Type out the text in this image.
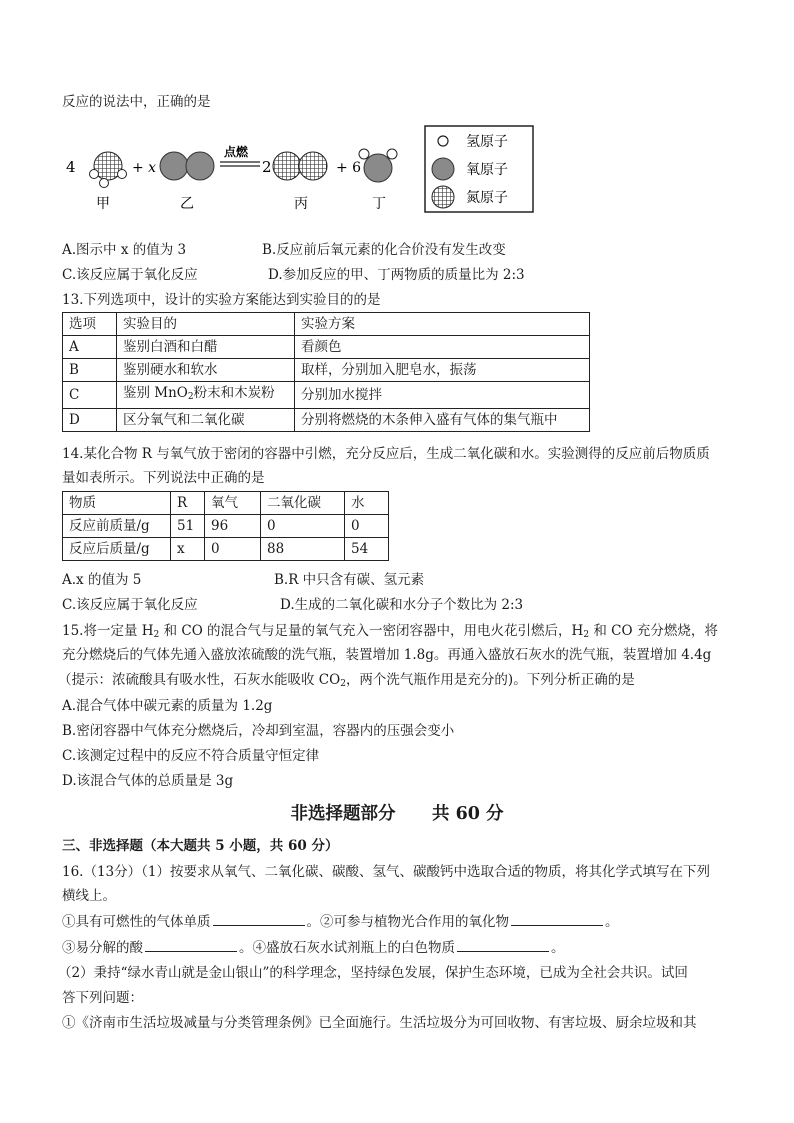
反应的说法中，正确的是
4	+ x
点燃
2	+ 6
甲	乙	丙	丁
氢原子
氧原子
氮原子
A.图示中 x 的值为 3	B.反应前后氧元素的化合价没有发生改变
C.该反应属于氧化反应	D.参加反应的甲、丁两物质的质量比为 2:3
13.下列选项中，设计的实验方案能达到实验目的的是
选项	实验目的	实验方案
A	鉴别白酒和白醋	看颜色
B	鉴别硬水和软水	取样，分别加入肥皂水，振荡
C	鉴别 MnO$_2$粉末和木炭粉	分别加水搅拌
D	区分氧气和二氧化碳	分别将燃烧的木条伸入盛有气体的集气瓶中
14.某化合物 R 与氧气放于密闭的容器中引燃，充分反应后，生成二氧化碳和水。实验测得的反应前后物质质
量如表所示。下列说法中正确的是
物质	R	氧气	二氧化碳	水
反应前质量/g	51	96	0	0
反应后质量/g	x	0	88	54
A.x 的值为 5	B.R 中只含有碳、氢元素
C.该反应属于氧化反应	D.生成的二氧化碳和水分子个数比为 2:3
15.将一定量 $H_2$ 和 CO 的混合气与足量的氧气充入一密闭容器中，用电火花引燃后，$H_2$ 和 CO 充分燃烧，将
充分燃烧后的气体先通入盛放浓硫酸的洗气瓶，装置增加 1.8g。再通入盛放石灰水的洗气瓶，装置增加 4.4g
（提示：浓硫酸具有吸水性，石灰水能吸收 $CO_2$，两个洗气瓶作用是充分的)。下列分析正确的是
A.混合气体中碳元素的质量为 1.2g
B.密闭容器中气体充分燃烧后，冷却到室温，容器内的压强会变小
C.该测定过程中的反应不符合质量守恒定律
D.该混合气体的总质量是 3g
非选择题部分      共 60 分
三、非选择题（本大题共 5 小题，共 60 分）
16.（13分）（1）按要求从氧气、二氧化碳、碳酸、氢气、碳酸钙中选取合适的物质，将其化学式填写在下列
横线上。
①具有可燃性的气体单质	。②可参与植物光合作用的氧化物	。
③易分解的酸	。④盛放石灰水试剂瓶上的白色物质	。
（2）秉持“绿水青山就是金山银山”的科学理念，坚持绿色发展，保护生态环境，已成为全社会共识。试回
答下列问题：
①《济南市生活垃圾减量与分类管理条例》已全面施行。生活垃圾分为可回收物、有害垃圾、厨余垃圾和其
